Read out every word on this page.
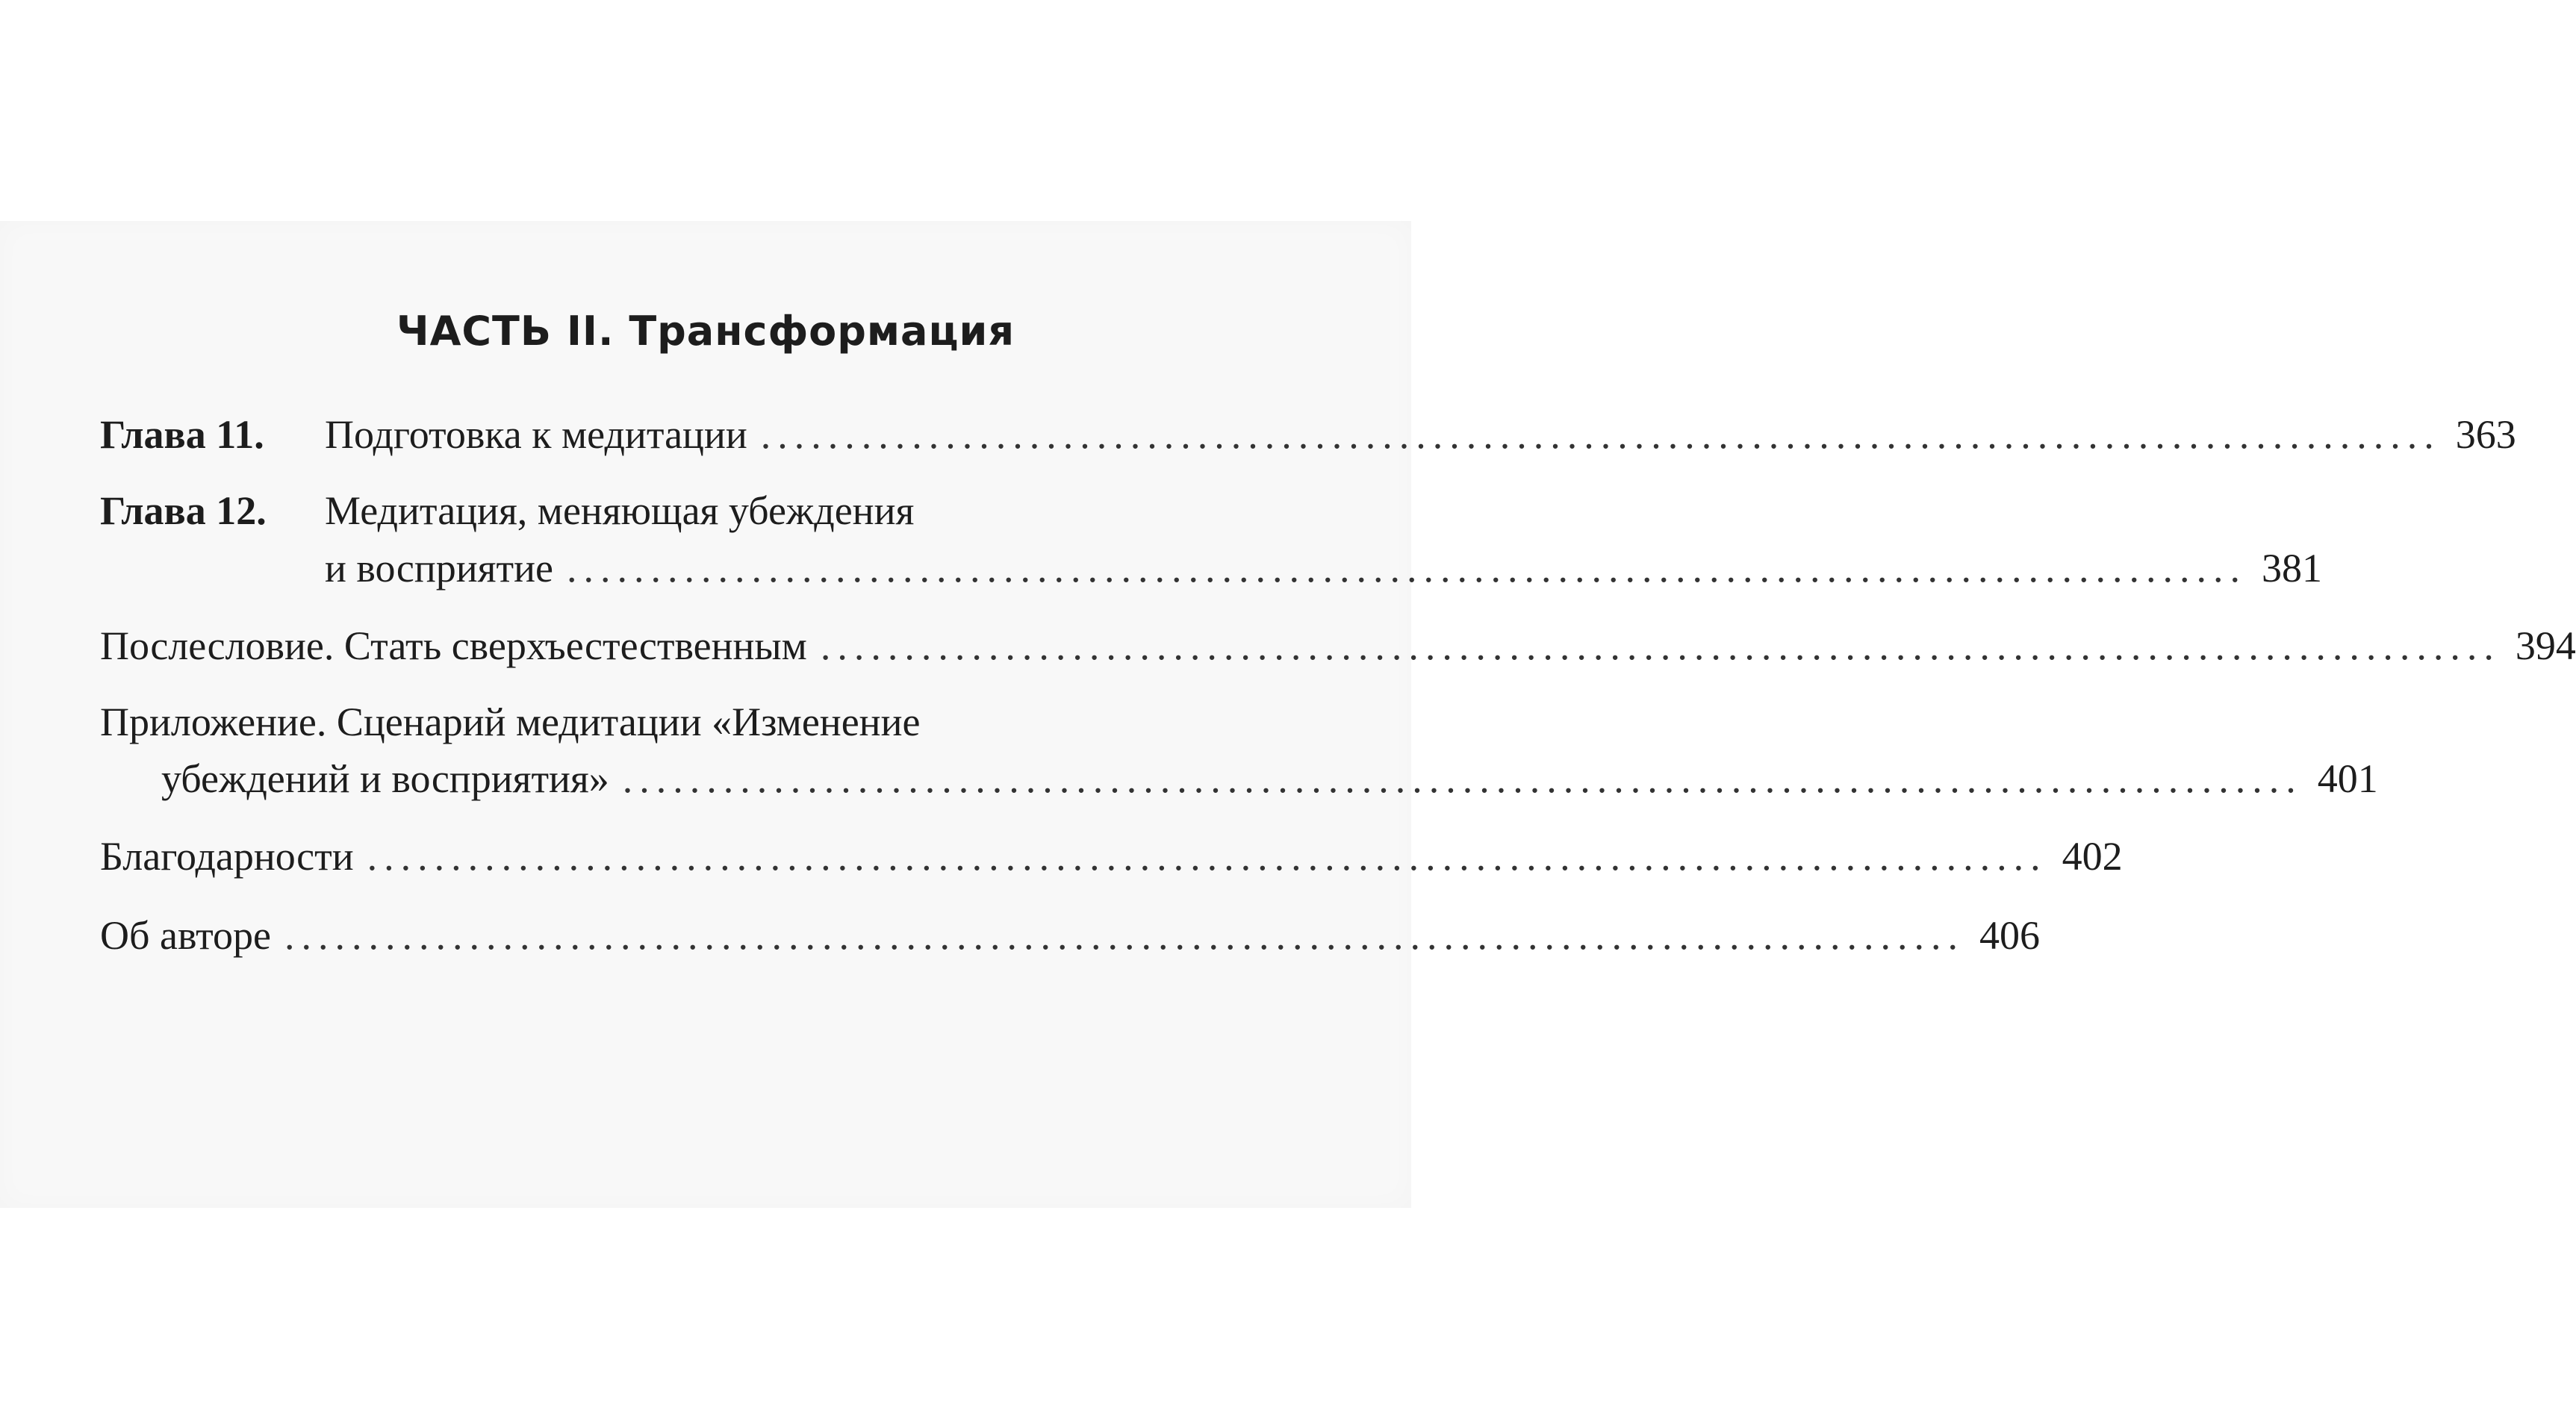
ЧАСТЬ II. Трансформация
Глава 11. Подготовка к медитации .................................................................................................... 363
Глава 12. Медитация, меняющая убеждения
и восприятие .................................................................................................... 381
Послесловие. Стать сверхъестественным .................................................................................................... 394
Приложение. Сценарий медитации «Изменение
убеждений и восприятия» .................................................................................................... 401
Благодарности .................................................................................................... 402
Об авторе .................................................................................................... 406
